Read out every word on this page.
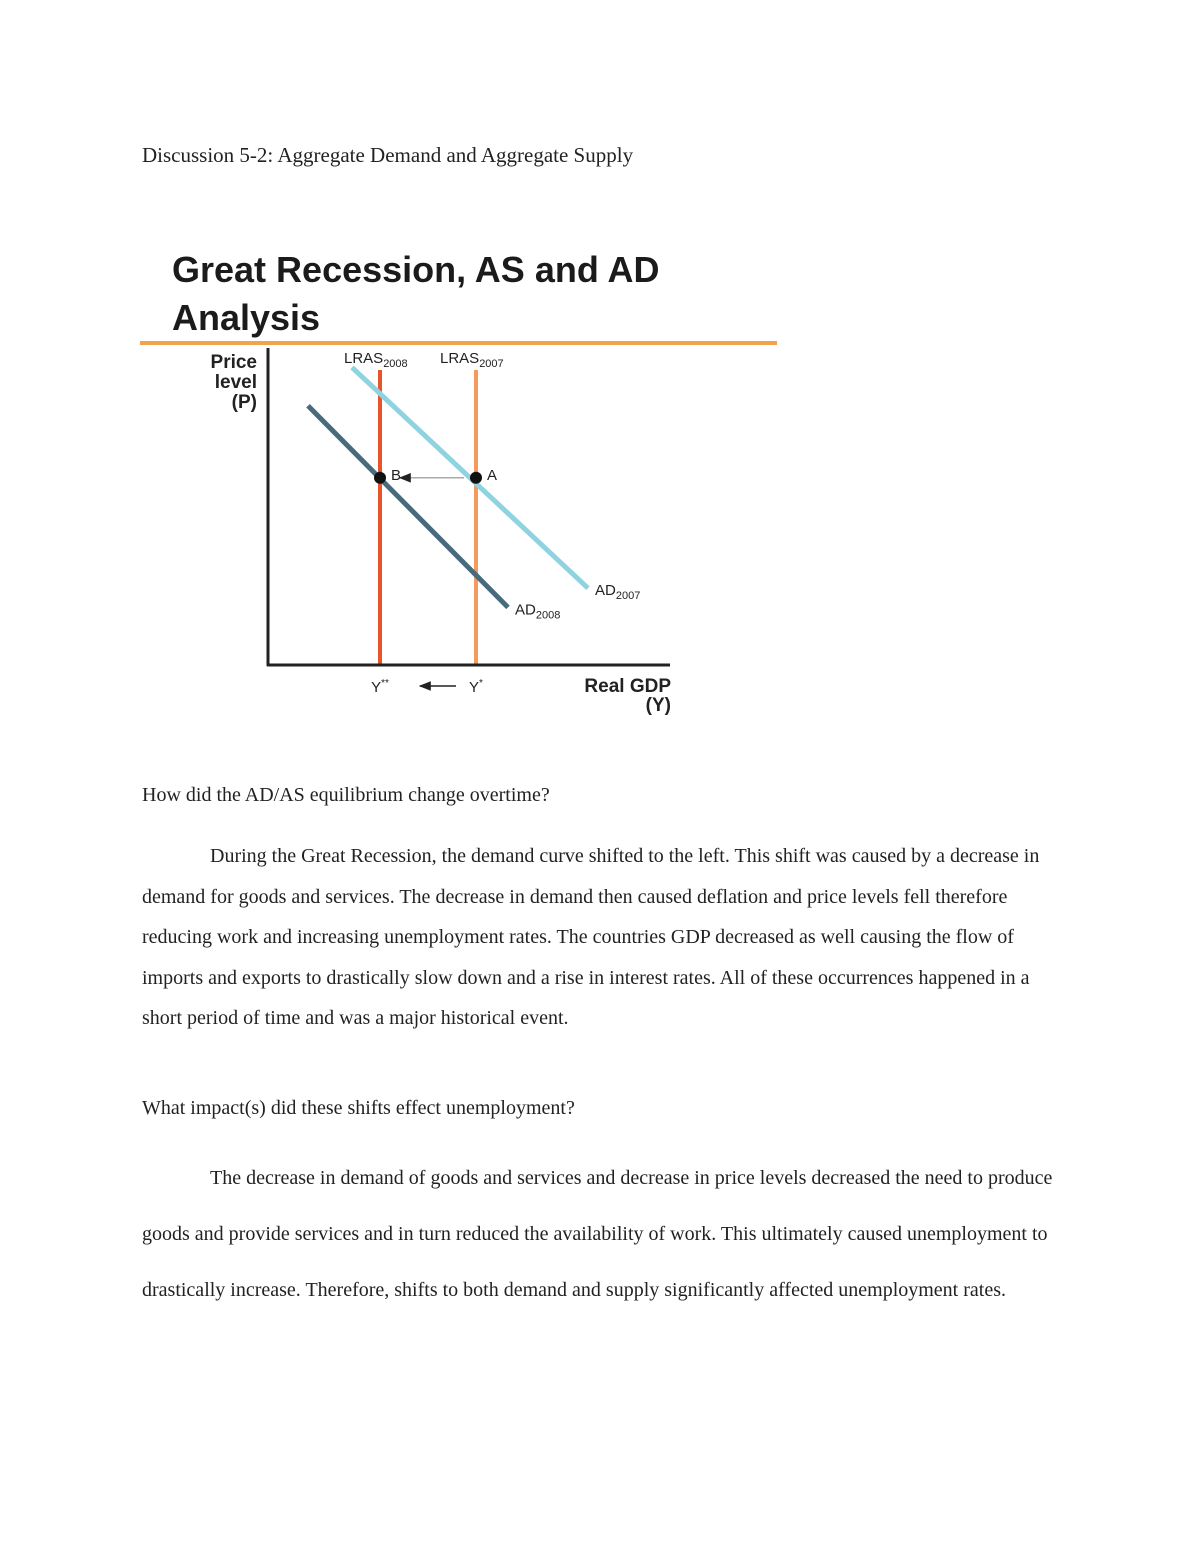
Discussion 5-2: Aggregate Demand and Aggregate Supply
Great Recession, AS and AD Analysis
Price
level
(P)
Real GDP
(Y)
$LRAS_{2008}$ $LRAS_{2007}$
$AD_{2007}$
$AD_{2008}$
B	A
Y**	Y*

How did the AD/AS equilibrium change overtime?

During the Great Recession, the demand curve shifted to the left. This shift was caused by a decrease in demand for goods and services. The decrease in demand then caused deflation and price levels fell therefore reducing work and increasing unemployment rates. The countries GDP decreased as well causing the flow of imports and exports to drastically slow down and a rise in interest rates. All of these occurrences happened in a short period of time and was a major historical event.

What impact(s) did these shifts effect unemployment?

The decrease in demand of goods and services and decrease in price levels decreased the need to produce goods and provide services and in turn reduced the availability of work. This ultimately caused unemployment to drastically increase. Therefore, shifts to both demand and supply significantly affected unemployment rates.
